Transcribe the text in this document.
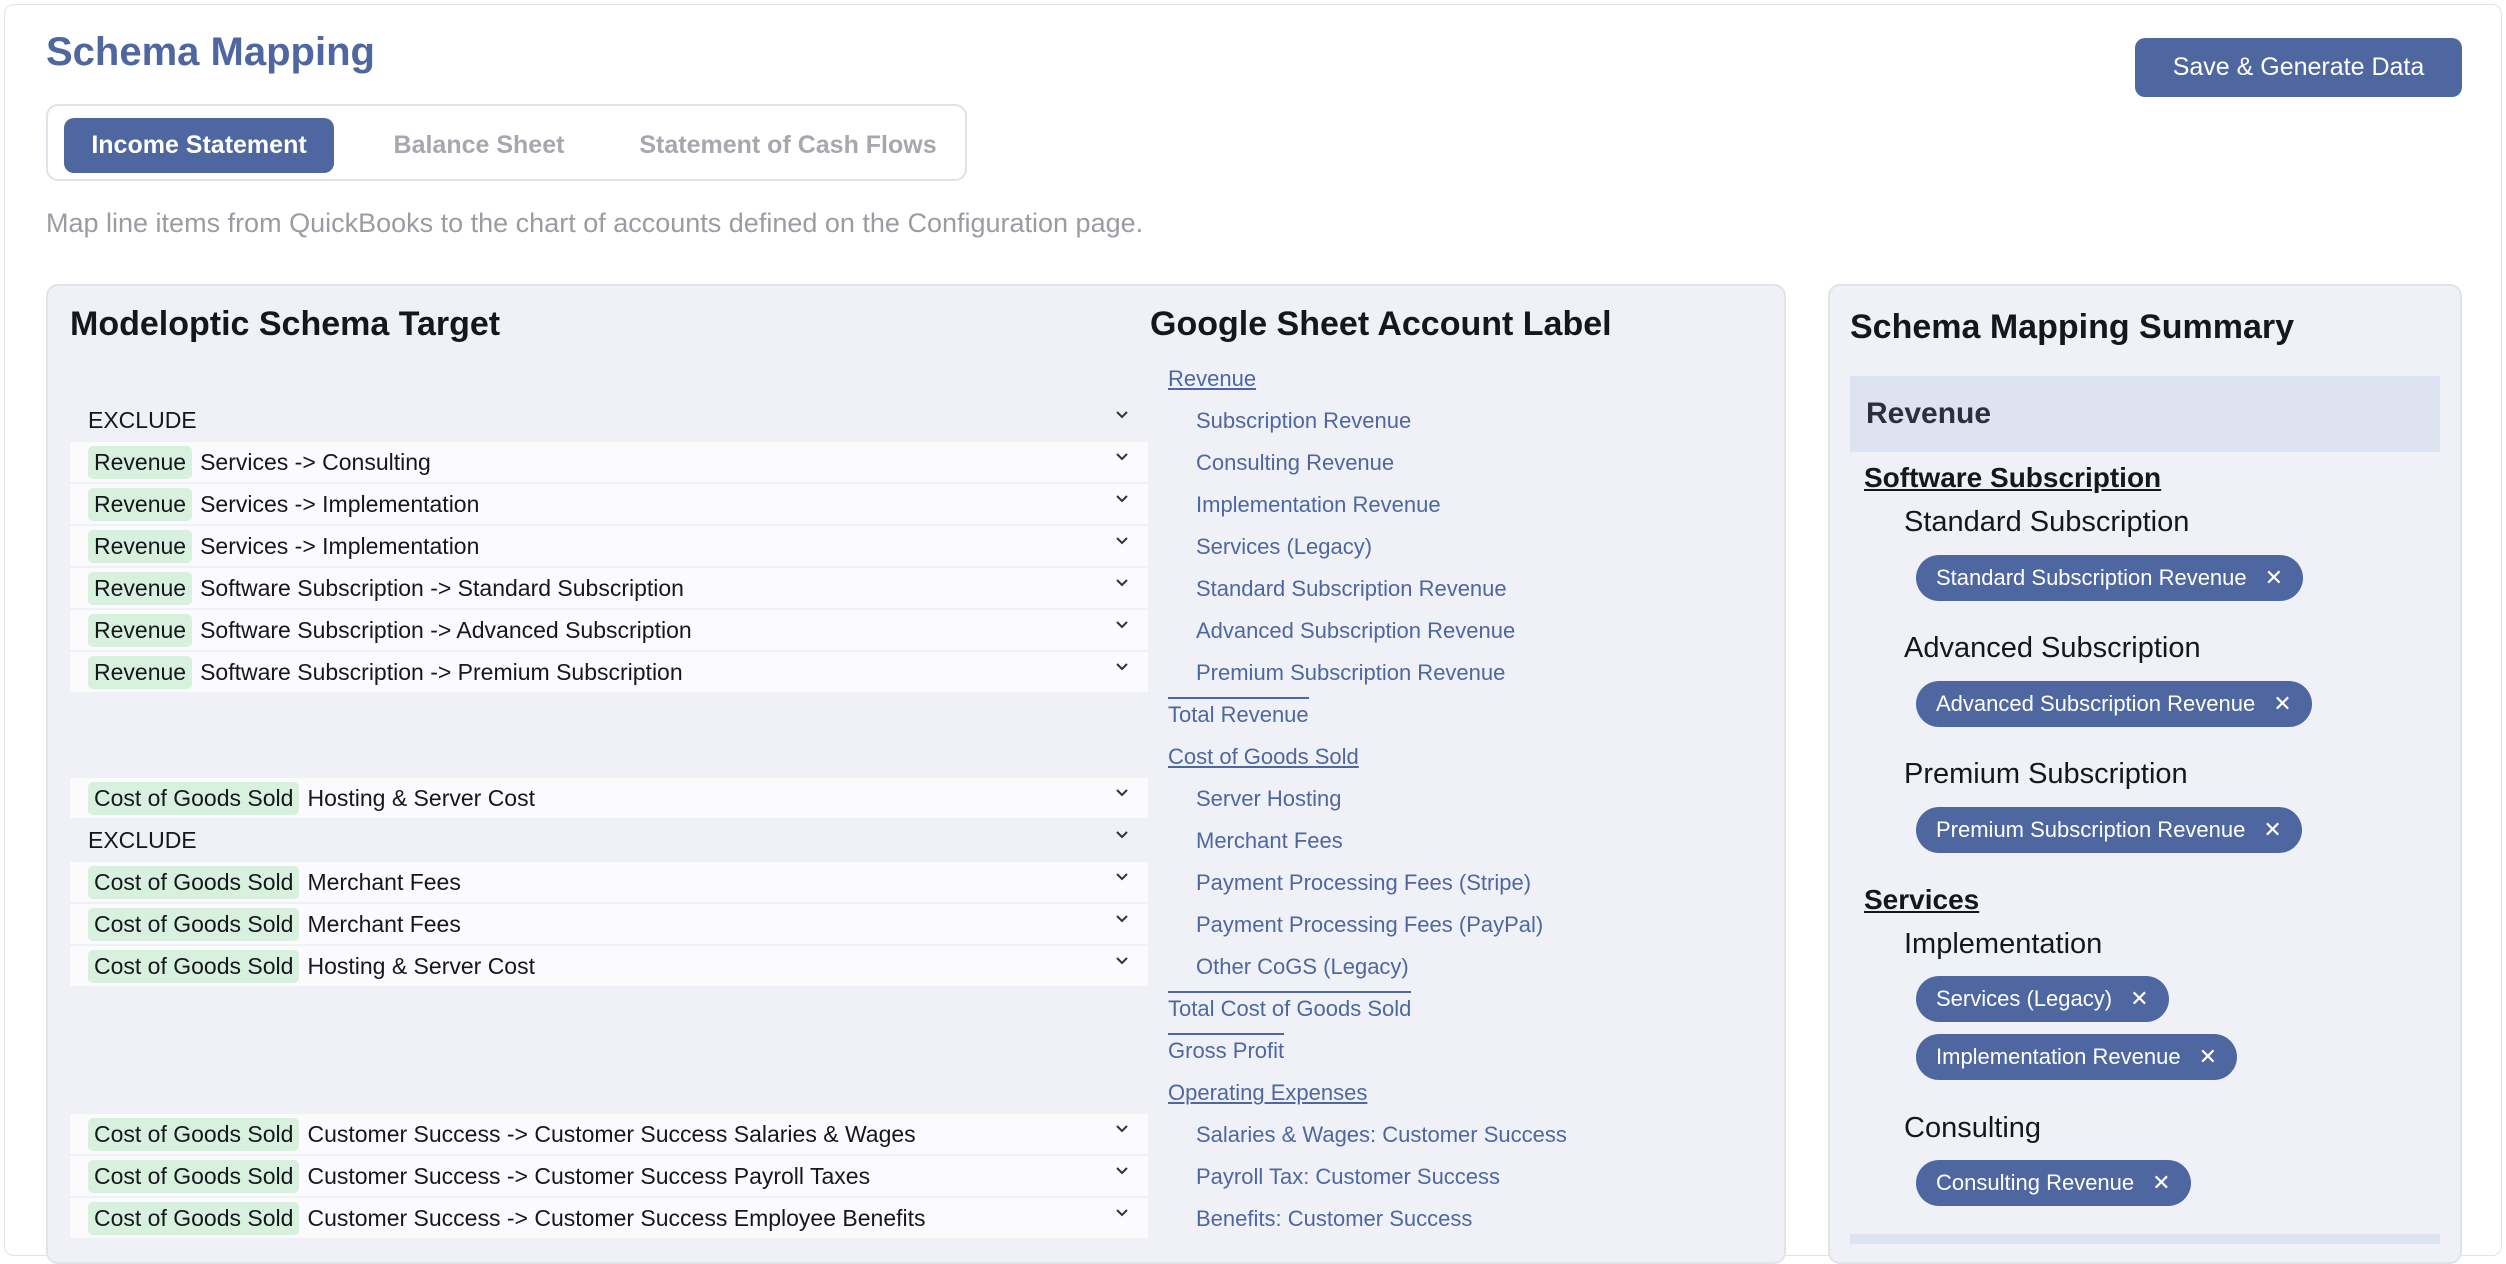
Schema Mapping	Save & Generate Data
Income Statement	Balance Sheet	Statement of Cash Flows
Map line items from QuickBooks to the chart of accounts defined on the Configuration page.
Modeloptic Schema Target	Google Sheet Account Label
EXCLUDE
Revenue Services -> Consulting
Revenue Services -> Implementation
Revenue Services -> Implementation
Revenue Software Subscription -> Standard Subscription
Revenue Software Subscription -> Advanced Subscription
Revenue Software Subscription -> Premium Subscription
Cost of Goods Sold Hosting & Server Cost
EXCLUDE
Cost of Goods Sold Merchant Fees
Cost of Goods Sold Merchant Fees
Cost of Goods Sold Hosting & Server Cost
Cost of Goods Sold Customer Success -> Customer Success Salaries & Wages
Cost of Goods Sold Customer Success -> Customer Success Payroll Taxes
Cost of Goods Sold Customer Success -> Customer Success Employee Benefits
Revenue
Subscription Revenue
Consulting Revenue
Implementation Revenue
Services (Legacy)
Standard Subscription Revenue
Advanced Subscription Revenue
Premium Subscription Revenue
Total Revenue
Cost of Goods Sold
Server Hosting
Merchant Fees
Payment Processing Fees (Stripe)
Payment Processing Fees (PayPal)
Other CoGS (Legacy)
Total Cost of Goods Sold
Gross Profit
Operating Expenses
Salaries & Wages: Customer Success
Payroll Tax: Customer Success
Benefits: Customer Success
Schema Mapping Summary
Revenue
Software Subscription
Standard Subscription
Standard Subscription Revenue ✕
Advanced Subscription
Advanced Subscription Revenue ✕
Premium Subscription
Premium Subscription Revenue ✕
Services
Implementation
Services (Legacy) ✕
Implementation Revenue ✕
Consulting
Consulting Revenue ✕
